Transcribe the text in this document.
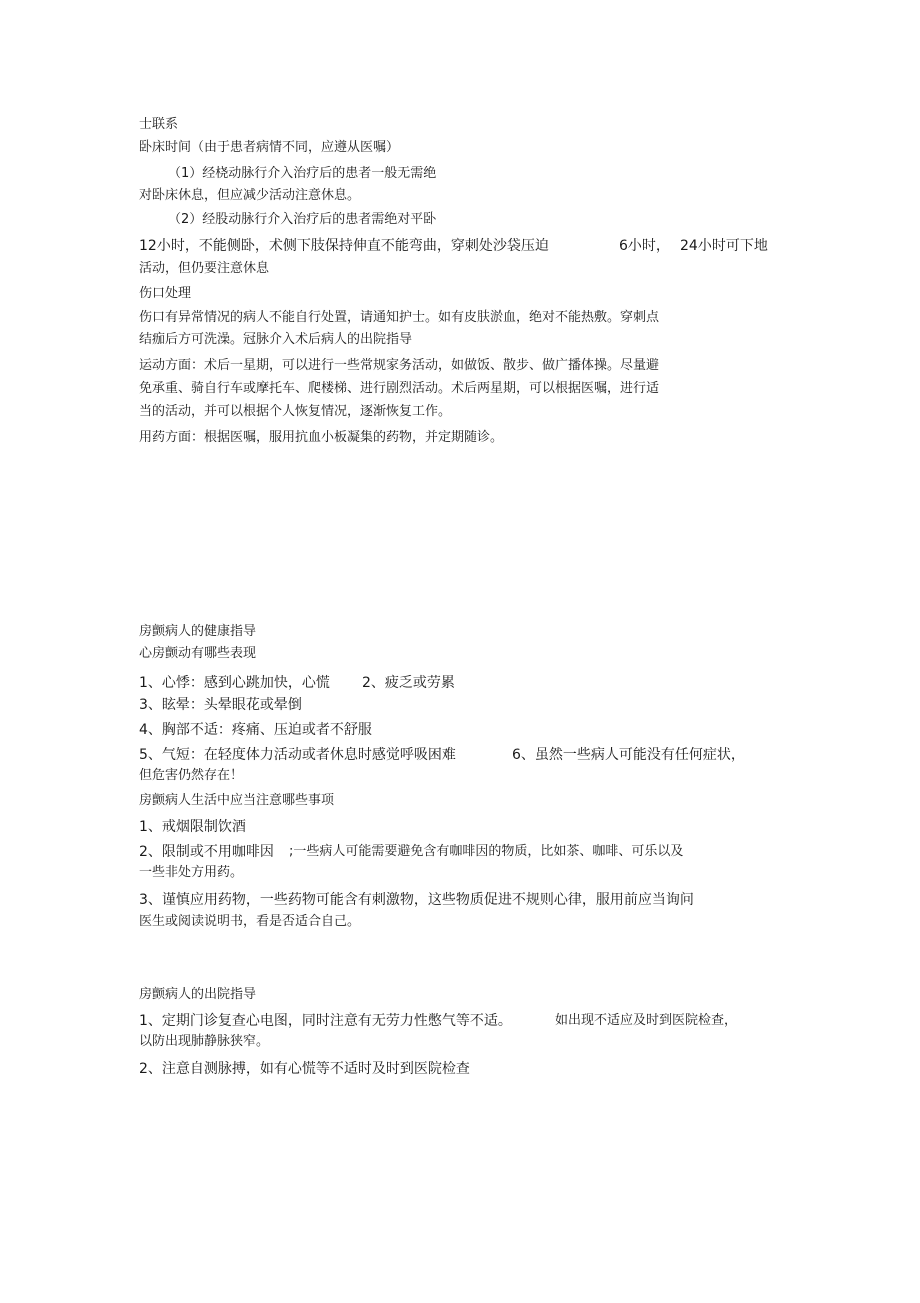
士联系
卧床时间（由于患者病情不同，应遵从医嘱）
（1）经桡动脉行介入治疗后的患者一般无需绝
对卧床休息，但应减少活动注意休息。
（2）经股动脉行介入治疗后的患者需绝对平卧
12小时，不能侧卧，术侧下肢保持伸直不能弯曲，穿刺处沙袋压迫	6小时， 24小时可下地
活动，但仍要注意休息
伤口处理
伤口有异常情况的病人不能自行处置，请通知护士。如有皮肤淤血，绝对不能热敷。穿刺点
结痂后方可洗澡。冠脉介入术后病人的出院指导
运动方面：术后一星期，可以进行一些常规家务活动，如做饭、散步、做广播体操。尽量避
免承重、骑自行车或摩托车、爬楼梯、进行剧烈活动。术后两星期，可以根据医嘱，进行适
当的活动，并可以根据个人恢复情况，逐渐恢复工作。
用药方面：根据医嘱，服用抗血小板凝集的药物，并定期随诊。
房颤病人的健康指导
心房颤动有哪些表现
1、心悸：感到心跳加快，心慌 2、疲乏或劳累
3、眩晕：头晕眼花或晕倒
4、胸部不适：疼痛、压迫或者不舒服
5、气短：在轻度体力活动或者休息时感觉呼吸困难	6、虽然一些病人可能没有任何症状，
但危害仍然存在！
房颤病人生活中应当注意哪些事项
1、戒烟限制饮酒
2、限制或不用咖啡因 ;一些病人可能需要避免含有咖啡因的物质，比如茶、咖啡、可乐以及
一些非处方用药。
3、谨慎应用药物，一些药物可能含有刺激物，这些物质促进不规则心律，服用前应当询问
医生或阅读说明书，看是否适合自己。
房颤病人的出院指导
1、定期门诊复查心电图，同时注意有无劳力性憋气等不适。	如出现不适应及时到医院检查，
以防出现肺静脉狭窄。
2、注意自测脉搏，如有心慌等不适时及时到医院检查
